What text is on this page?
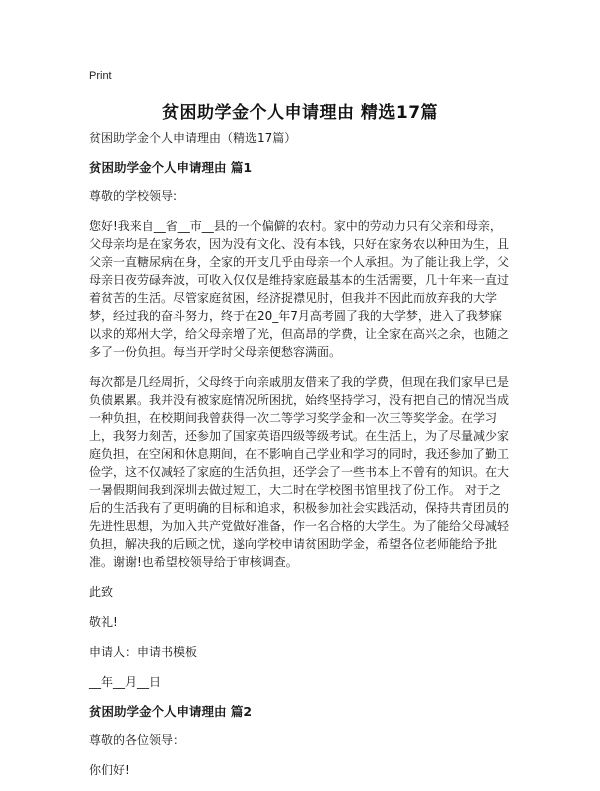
Print
贫困助学金个人申请理由 精选17篇

贫困助学金个人申请理由（精选17篇）

贫困助学金个人申请理由 篇1

尊敬的学校领导:

您好!我来自__省__市__县的一个偏僻的农村。家中的劳动力只有父亲和母亲，父母亲均是在家务农，因为没有文化、没有本钱，只好在家务农以种田为生，且父亲一直糖尿病在身，全家的开支几乎由母亲一个人承担。为了能让我上学，父母亲日夜劳碌奔波，可收入仅仅是维持家庭最基本的生活需要，几十年来一直过着贫苦的生活。尽管家庭贫困，经济捉襟见肘，但我并不因此而放弃我的大学梦，经过我的奋斗努力，终于在20_年7月高考圆了我的大学梦，进入了我梦寐以求的郑州大学，给父母亲增了光，但高昂的学费，让全家在高兴之余，也随之多了一份负担。每当开学时父母亲便愁容满面。

每次都是几经周折，父母终于向亲戚朋友借来了我的学费，但现在我们家早已是负债累累。我并没有被家庭情况所困扰，始终坚持学习，没有把自己的情况当成一种负担，在校期间我曾获得一次二等学习奖学金和一次三等奖学金。在学习上，我努力刻苦，还参加了国家英语四级等级考试。在生活上，为了尽量减少家庭负担，在空闲和休息期间，在不影响自己学业和学习的同时，我还参加了勤工俭学，这不仅减轻了家庭的生活负担，还学会了一些书本上不曾有的知识。在大一暑假期间我到深圳去做过短工，大二时在学校图书馆里找了份工作。 对于之后的生活我有了更明确的目标和追求，积极参加社会实践活动，保持共青团员的先进性思想，为加入共产党做好准备，作一名合格的大学生。为了能给父母减轻负担，解决我的后顾之忧，遂向学校申请贫困助学金，希望各位老师能给予批准。谢谢!也希望校领导给于审核调查。

此致

敬礼!

申请人：申请书模板

__年__月__日

贫困助学金个人申请理由 篇2

尊敬的各位领导：

你们好!
